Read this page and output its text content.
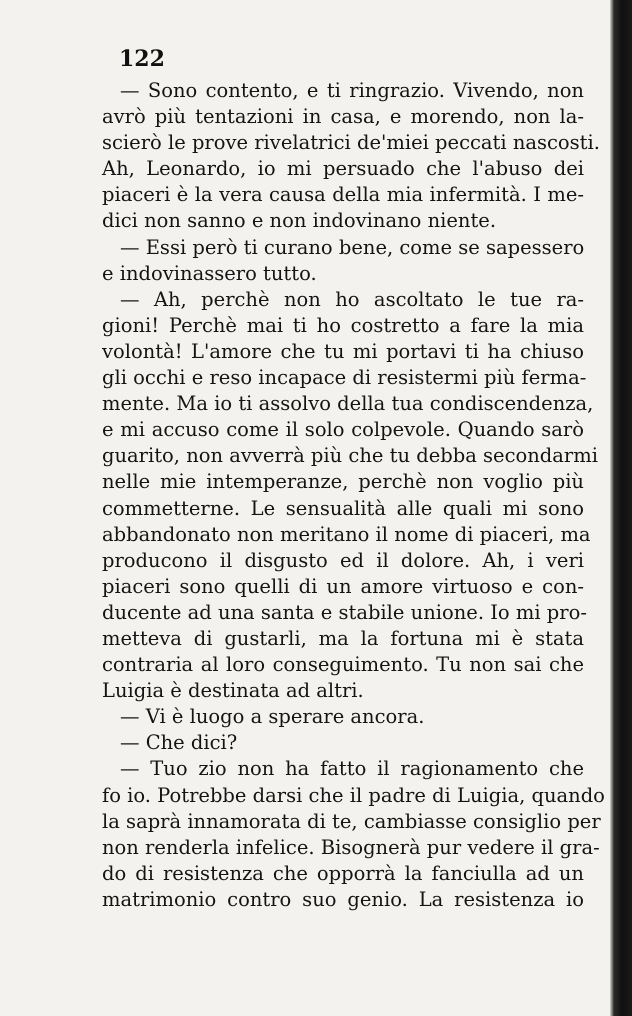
122
— Sono contento, e ti ringrazio. Vivendo, non
avrò più tentazioni in casa, e morendo, non la-
scierò le prove rivelatrici de'miei peccati nascosti.
Ah, Leonardo, io mi persuado che l'abuso dei
piaceri è la vera causa della mia infermità. I me-
dici non sanno e non indovinano niente.
— Essi però ti curano bene, come se sapessero
e indovinassero tutto.
— Ah, perchè non ho ascoltato le tue ra-
gioni! Perchè mai ti ho costretto a fare la mia
volontà! L'amore che tu mi portavi ti ha chiuso
gli occhi e reso incapace di resistermi più ferma-
mente. Ma io ti assolvo della tua condiscendenza,
e mi accuso come il solo colpevole. Quando sarò
guarito, non avverrà più che tu debba secondarmi
nelle mie intemperanze, perchè non voglio più
commetterne. Le sensualità alle quali mi sono
abbandonato non meritano il nome di piaceri, ma
producono il disgusto ed il dolore. Ah, i veri
piaceri sono quelli di un amore virtuoso e con-
ducente ad una santa e stabile unione. Io mi pro-
metteva di gustarli, ma la fortuna mi è stata
contraria al loro conseguimento. Tu non sai che
Luigia è destinata ad altri.
— Vi è luogo a sperare ancora.
— Che dici?
— Tuo zio non ha fatto il ragionamento che
fo io. Potrebbe darsi che il padre di Luigia, quando
la saprà innamorata di te, cambiasse consiglio per
non renderla infelice. Bisognerà pur vedere il gra-
do di resistenza che opporrà la fanciulla ad un
matrimonio contro suo genio. La resistenza io
